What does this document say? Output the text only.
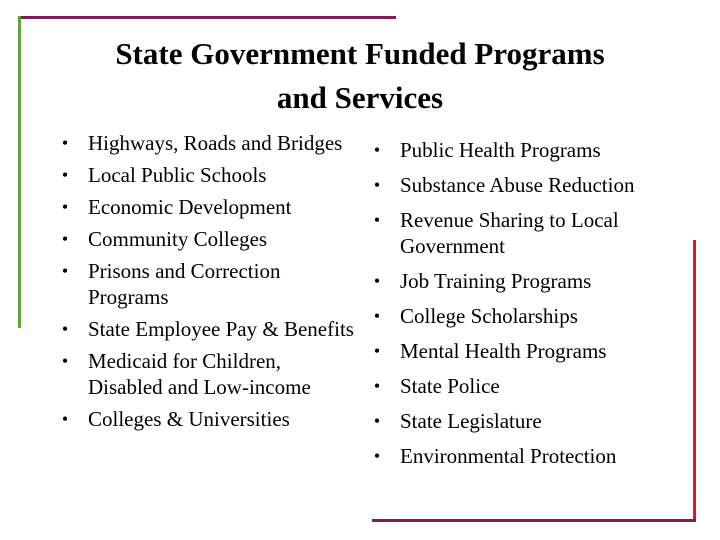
State Government Funded Programs
and Services
• Highways, Roads and Bridges
• Local Public Schools
• Economic Development
• Community Colleges
• Prisons and Correction Programs
• State Employee Pay & Benefits
• Medicaid for Children, Disabled and Low-income
• Colleges & Universities
• Public Health Programs
• Substance Abuse Reduction
• Revenue Sharing to Local Government
• Job Training Programs
• College Scholarships
• Mental Health Programs
• State Police
• State Legislature
• Environmental Protection
